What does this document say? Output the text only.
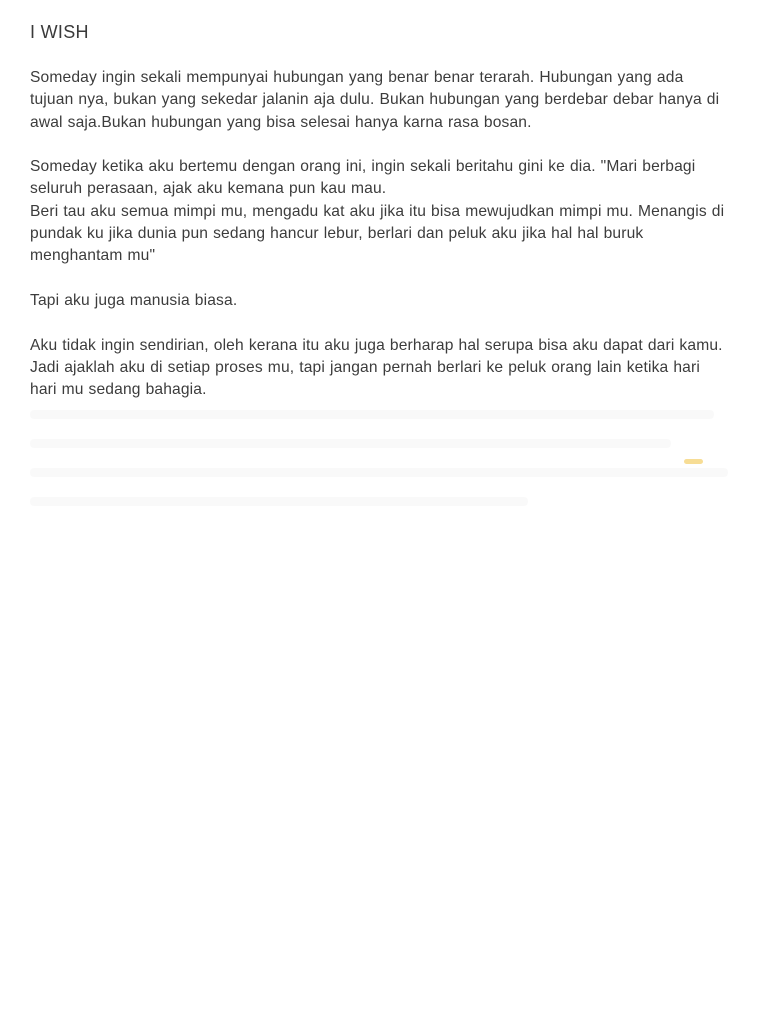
I WISH

Someday ingin sekali mempunyai hubungan yang benar benar terarah. Hubungan yang ada
tujuan nya, bukan yang sekedar jalanin aja dulu. Bukan hubungan yang berdebar debar hanya di
awal saja.Bukan hubungan yang bisa selesai hanya karna rasa bosan.

Someday ketika aku bertemu dengan orang ini, ingin sekali beritahu gini ke dia. "Mari berbagi
seluruh perasaan, ajak aku kemana pun kau mau.
Beri tau aku semua mimpi mu, mengadu kat aku jika itu bisa mewujudkan mimpi mu. Menangis di
pundak ku jika dunia pun sedang hancur lebur, berlari dan peluk aku jika hal hal buruk
menghantam mu"

Tapi aku juga manusia biasa.

Aku tidak ingin sendirian, oleh kerana itu aku juga berharap hal serupa bisa aku dapat dari kamu.
Jadi ajaklah aku di setiap proses mu, tapi jangan pernah berlari ke peluk orang lain ketika hari
hari mu sedang bahagia.
